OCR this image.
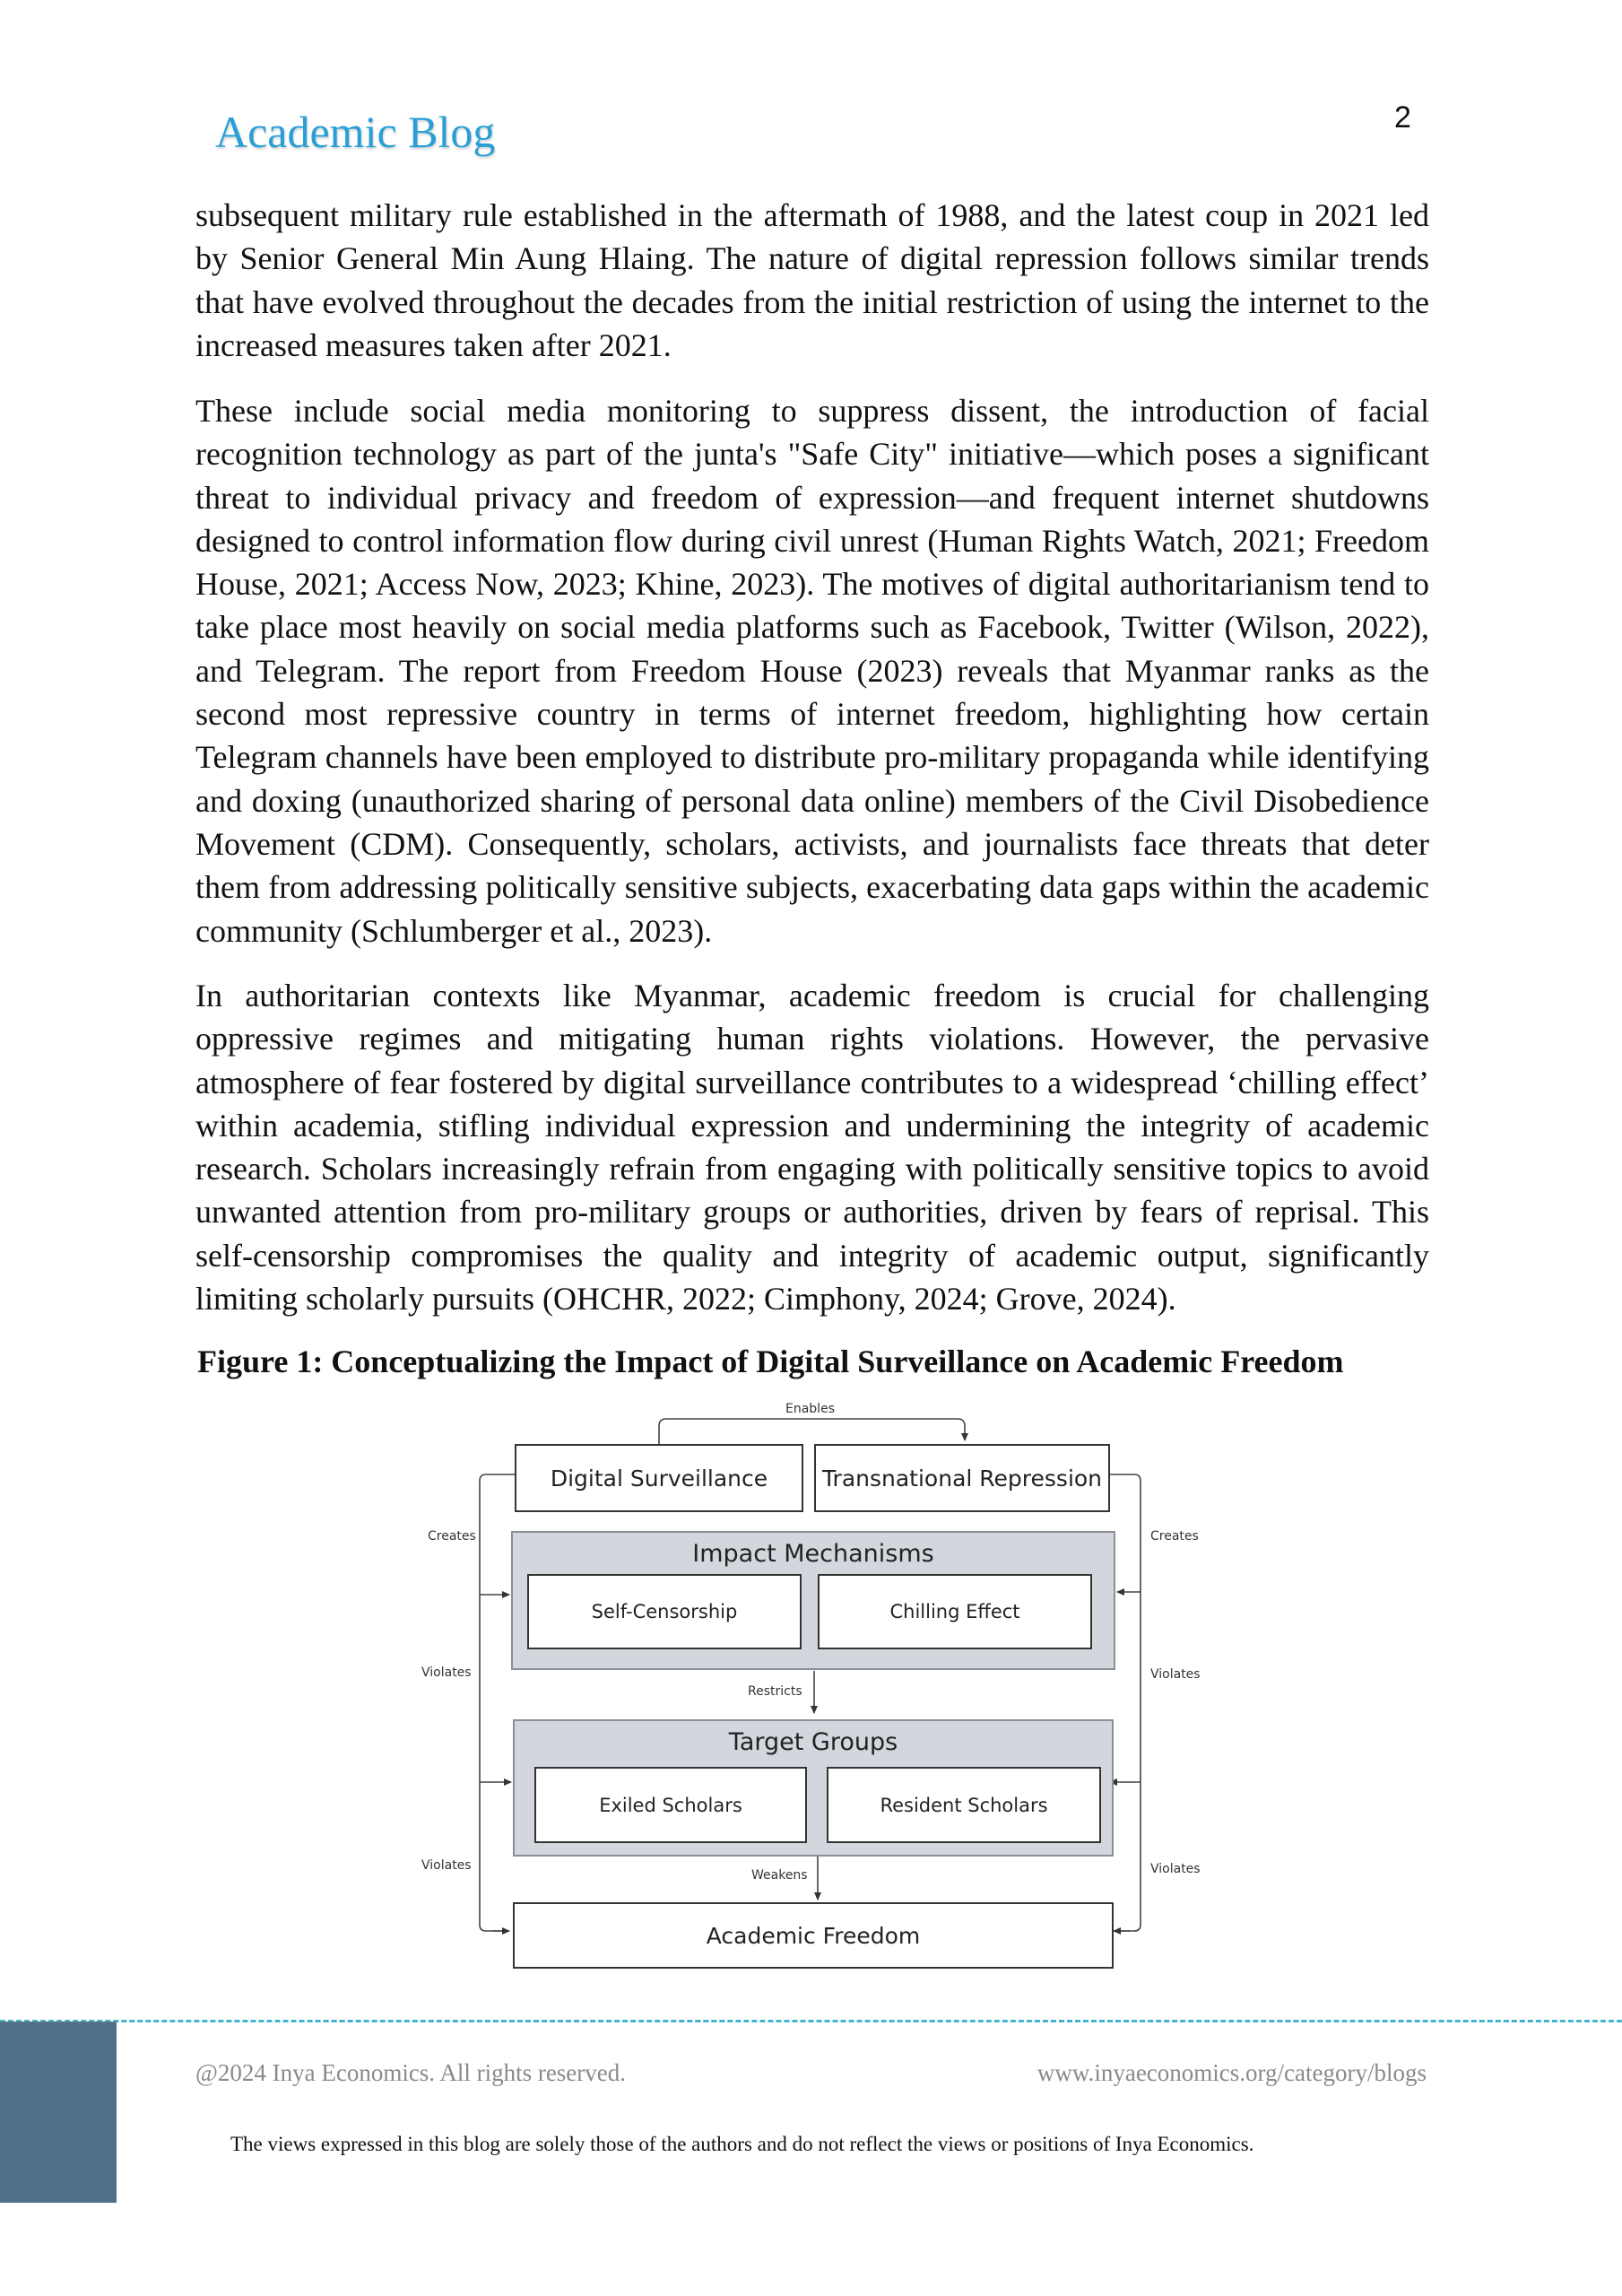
Academic Blog	2

subsequent military rule established in the aftermath of 1988, and the latest coup in 2021 led by Senior General Min Aung Hlaing. The nature of digital repression follows similar trends that have evolved throughout the decades from the initial restriction of using the internet to the increased measures taken after 2021.

These include social media monitoring to suppress dissent, the introduction of facial recognition technology as part of the junta's "Safe City" initiative—which poses a significant threat to individual privacy and freedom of expression—and frequent internet shutdowns designed to control information flow during civil unrest (Human Rights Watch, 2021; Freedom House, 2021; Access Now, 2023; Khine, 2023). The motives of digital authoritarianism tend to take place most heavily on social media platforms such as Facebook, Twitter (Wilson, 2022), and Telegram. The report from Freedom House (2023) reveals that Myanmar ranks as the second most repressive country in terms of internet freedom, highlighting how certain Telegram channels have been employed to distribute pro-military propaganda while identifying and doxing (unauthorized sharing of personal data online) members of the Civil Disobedience Movement (CDM). Consequently, scholars, activists, and journalists face threats that deter them from addressing politically sensitive subjects, exacerbating data gaps within the academic community (Schlumberger et al., 2023).

In authoritarian contexts like Myanmar, academic freedom is crucial for challenging oppressive regimes and mitigating human rights violations. However, the pervasive atmosphere of fear fostered by digital surveillance contributes to a widespread ‘chilling effect’ within academia, stifling individual expression and undermining the integrity of academic research. Scholars increasingly refrain from engaging with politically sensitive topics to avoid unwanted attention from pro-military groups or authorities, driven by fears of reprisal. This self-censorship compromises the quality and integrity of academic output, significantly limiting scholarly pursuits (OHCHR, 2022; Cimphony, 2024; Grove, 2024).

Figure 1: Conceptualizing the Impact of Digital Surveillance on Academic Freedom
Enables
Creates	Creates
Violates	Violates
Restricts
Violates	Violates
Weakens
Digital Surveillance Transnational Repression
Impact Mechanisms
Self-Censorship	Chilling Effect
Target Groups
Exiled Scholars	Resident Scholars
Academic Freedom
@2024 Inya Economics. All rights reserved.	www.inyaeconomics.org/category/blogs
The views expressed in this blog are solely those of the authors and do not reflect the views or positions of Inya Economics.
